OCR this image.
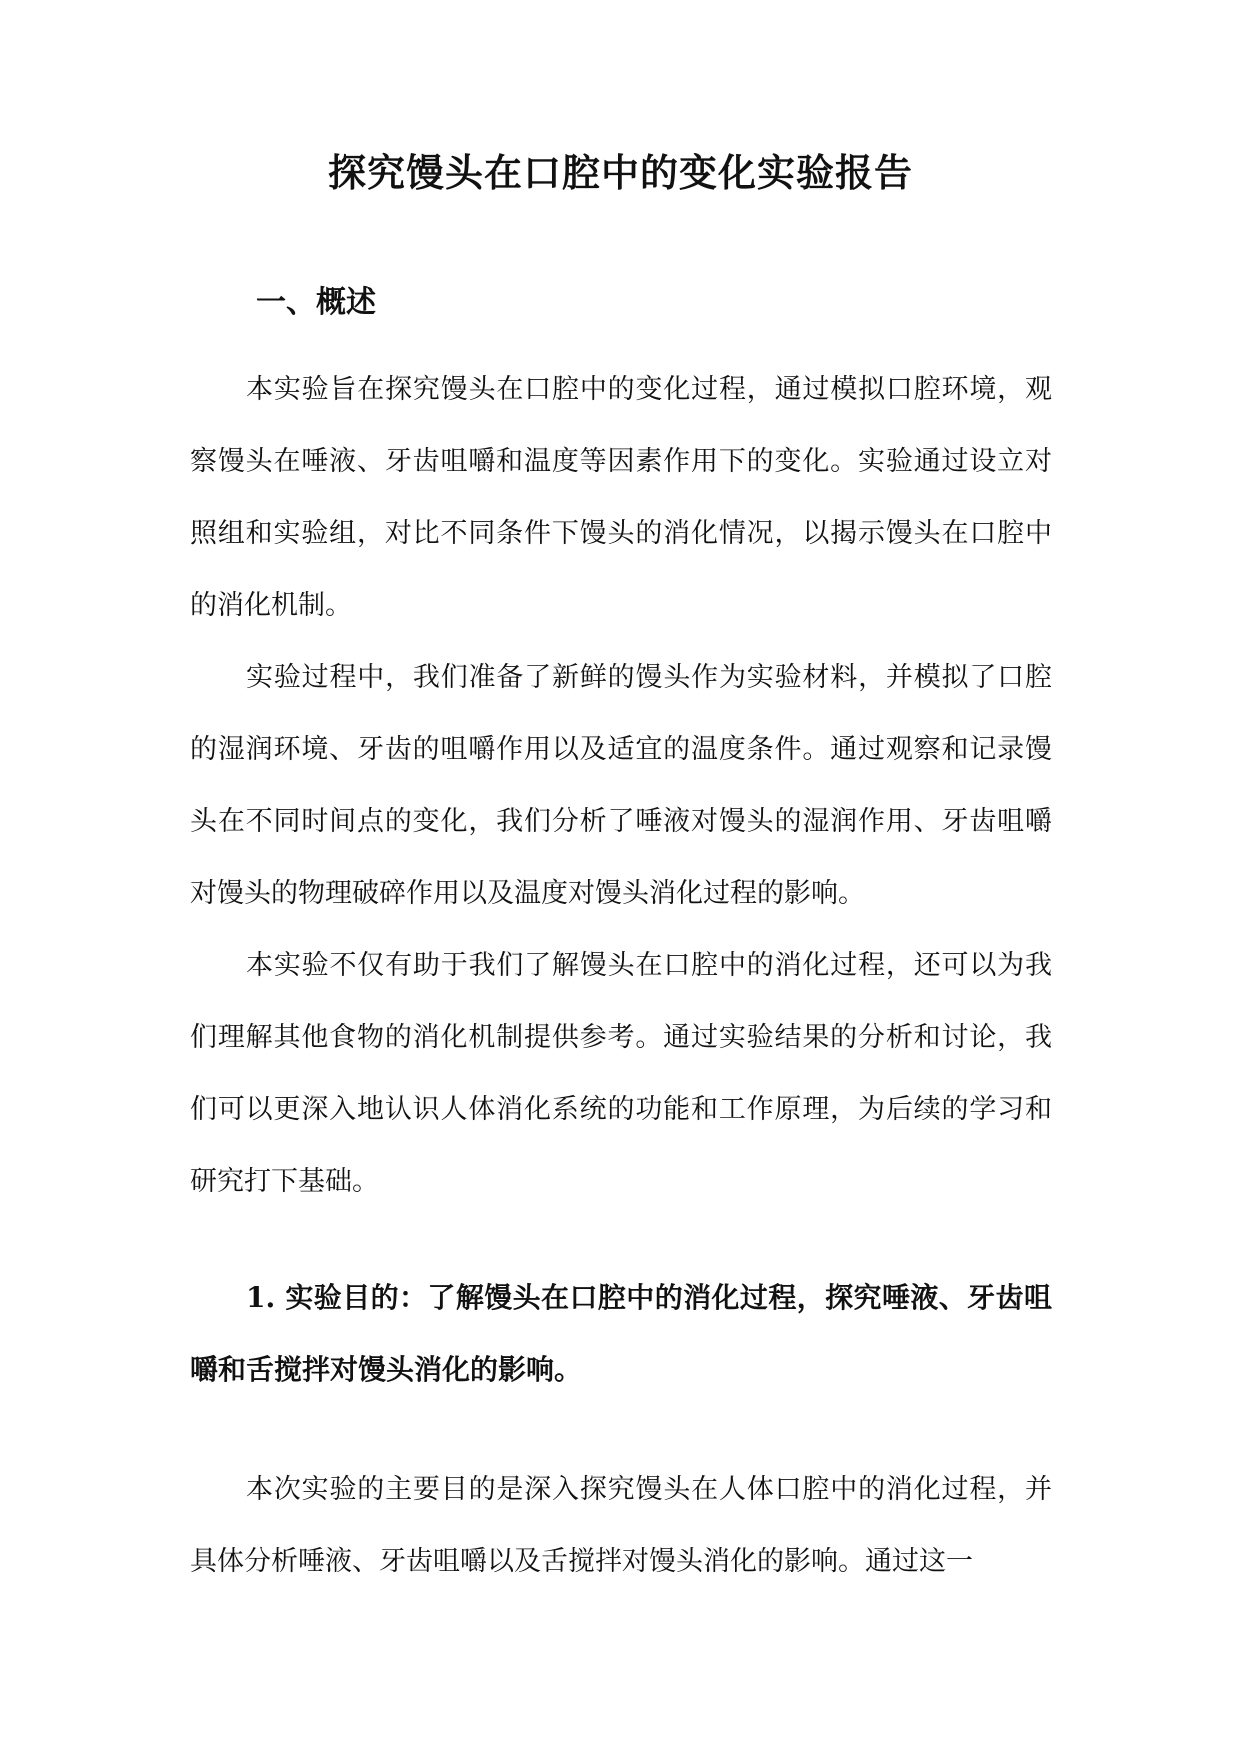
探究馒头在口腔中的变化实验报告
一、概述

本实验旨在探究馒头在口腔中的变化过程，通过模拟口腔环境，观察馒头在唾液、牙齿咀嚼和温度等因素作用下的变化。实验通过设立对照组和实验组，对比不同条件下馒头的消化情况，以揭示馒头在口腔中的消化机制。

实验过程中，我们准备了新鲜的馒头作为实验材料，并模拟了口腔的湿润环境、牙齿的咀嚼作用以及适宜的温度条件。通过观察和记录馒头在不同时间点的变化，我们分析了唾液对馒头的湿润作用、牙齿咀嚼对馒头的物理破碎作用以及温度对馒头消化过程的影响。

本实验不仅有助于我们了解馒头在口腔中的消化过程，还可以为我们理解其他食物的消化机制提供参考。通过实验结果的分析和讨论，我们可以更深入地认识人体消化系统的功能和工作原理，为后续的学习和研究打下基础。

1. 实验目的：了解馒头在口腔中的消化过程，探究唾液、牙齿咀嚼和舌搅拌对馒头消化的影响。

本次实验的主要目的是深入探究馒头在人体口腔中的消化过程，并具体分析唾液、牙齿咀嚼以及舌搅拌对馒头消化的影响。通过这一
